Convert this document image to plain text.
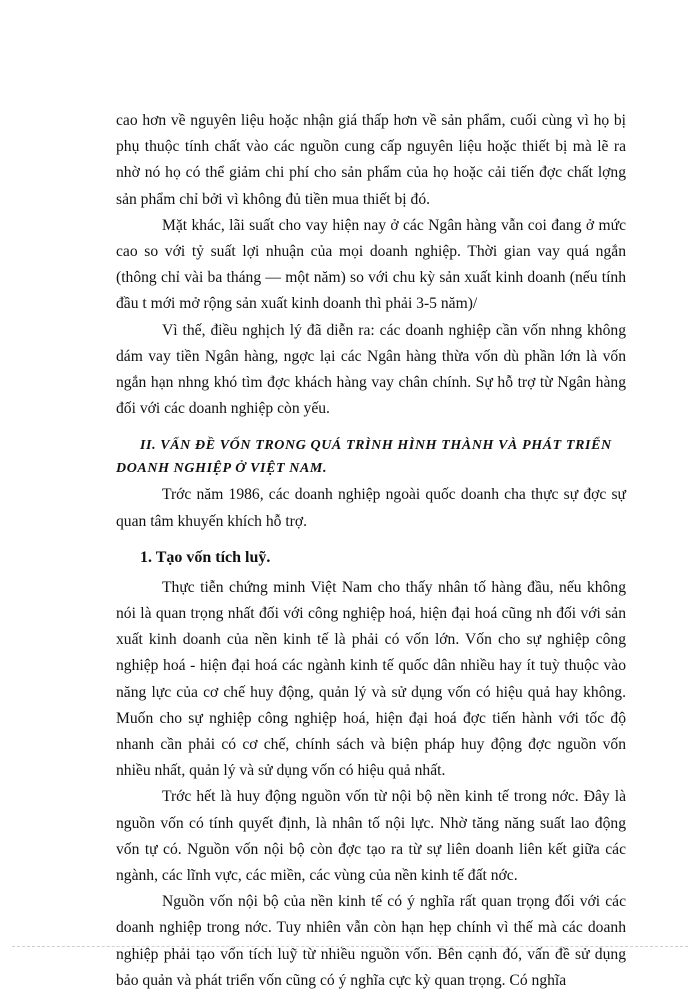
cao hơn về nguyên liệu hoặc nhận giá thấp hơn về sản phẩm, cuối cùng vì họ bị phụ thuộc tính chất vào các nguồn cung cấp nguyên liệu hoặc thiết bị mà lẽ ra nhờ nó họ có thể giảm chi phí cho sản phẩm của họ hoặc cải tiến đợc chất lợng sản phẩm chỉ bởi vì không đủ tiền mua thiết bị đó.

Mặt khác, lãi suất cho vay hiện nay ở các Ngân hàng vẫn coi đang ở mức cao so với tỷ suất lợi nhuận của mọi doanh nghiệp. Thời gian vay quá ngắn (thông chỉ vài ba tháng — một năm) so với chu kỳ sản xuất kinh doanh (nếu tính đầu t mới mở rộng sản xuất kinh doanh thì phải 3-5 năm)/

Vì thế, điều nghịch lý đã diễn ra: các doanh nghiệp cần vốn nhng không dám vay tiền Ngân hàng, ngợc lại các Ngân hàng thừa vốn dù phần lớn là vốn ngắn hạn nhng khó tìm đợc khách hàng vay chân chính. Sự hỗ trợ từ Ngân hàng đối với các doanh nghiệp còn yếu.

II. VẤN ĐỀ VỐN TRONG QUÁ TRÌNH HÌNH THÀNH VÀ PHÁT TRIỂN
DOANH NGHIỆP Ở VIỆT NAM.

Trớc năm 1986, các doanh nghiệp ngoài quốc doanh cha thực sự đợc sự quan tâm khuyến khích hỗ trợ.

1. Tạo vốn tích luỹ.

Thực tiễn chứng minh Việt Nam cho thấy nhân tố hàng đầu, nếu không nói là quan trọng nhất đối với công nghiệp hoá, hiện đại hoá cũng nh đối với sản xuất kinh doanh của nền kinh tế là phải có vốn lớn. Vốn cho sự nghiệp công nghiệp hoá - hiện đại hoá các ngành kinh tế quốc dân nhiều hay ít tuỳ thuộc vào năng lực của cơ chế huy động, quản lý và sử dụng vốn có hiệu quả hay không. Muốn cho sự nghiệp công nghiệp hoá, hiện đại hoá đợc tiến hành với tốc độ nhanh cần phải có cơ chế, chính sách và biện pháp huy động đợc nguồn vốn nhiều nhất, quản lý và sử dụng vốn có hiệu quả nhất.

Trớc hết là huy động nguồn vốn từ nội bộ nền kinh tế trong nớc. Đây là nguồn vốn có tính quyết định, là nhân tố nội lực. Nhờ tăng năng suất lao động vốn tự có. Nguồn vốn nội bộ còn đợc tạo ra từ sự liên doanh liên kết giữa các ngành, các lĩnh vực, các miền, các vùng của nền kinh tế đất nớc.

Nguồn vốn nội bộ của nền kinh tế có ý nghĩa rất quan trọng đối với các doanh nghiệp trong nớc. Tuy nhiên vẫn còn hạn hẹp chính vì thế mà các doanh nghiệp phải tạo vốn tích luỹ từ nhiều nguồn vốn. Bên cạnh đó, vấn đề sử dụng bảo quản và phát triển vốn cũng có ý nghĩa cực kỳ quan trọng. Có nghĩa
